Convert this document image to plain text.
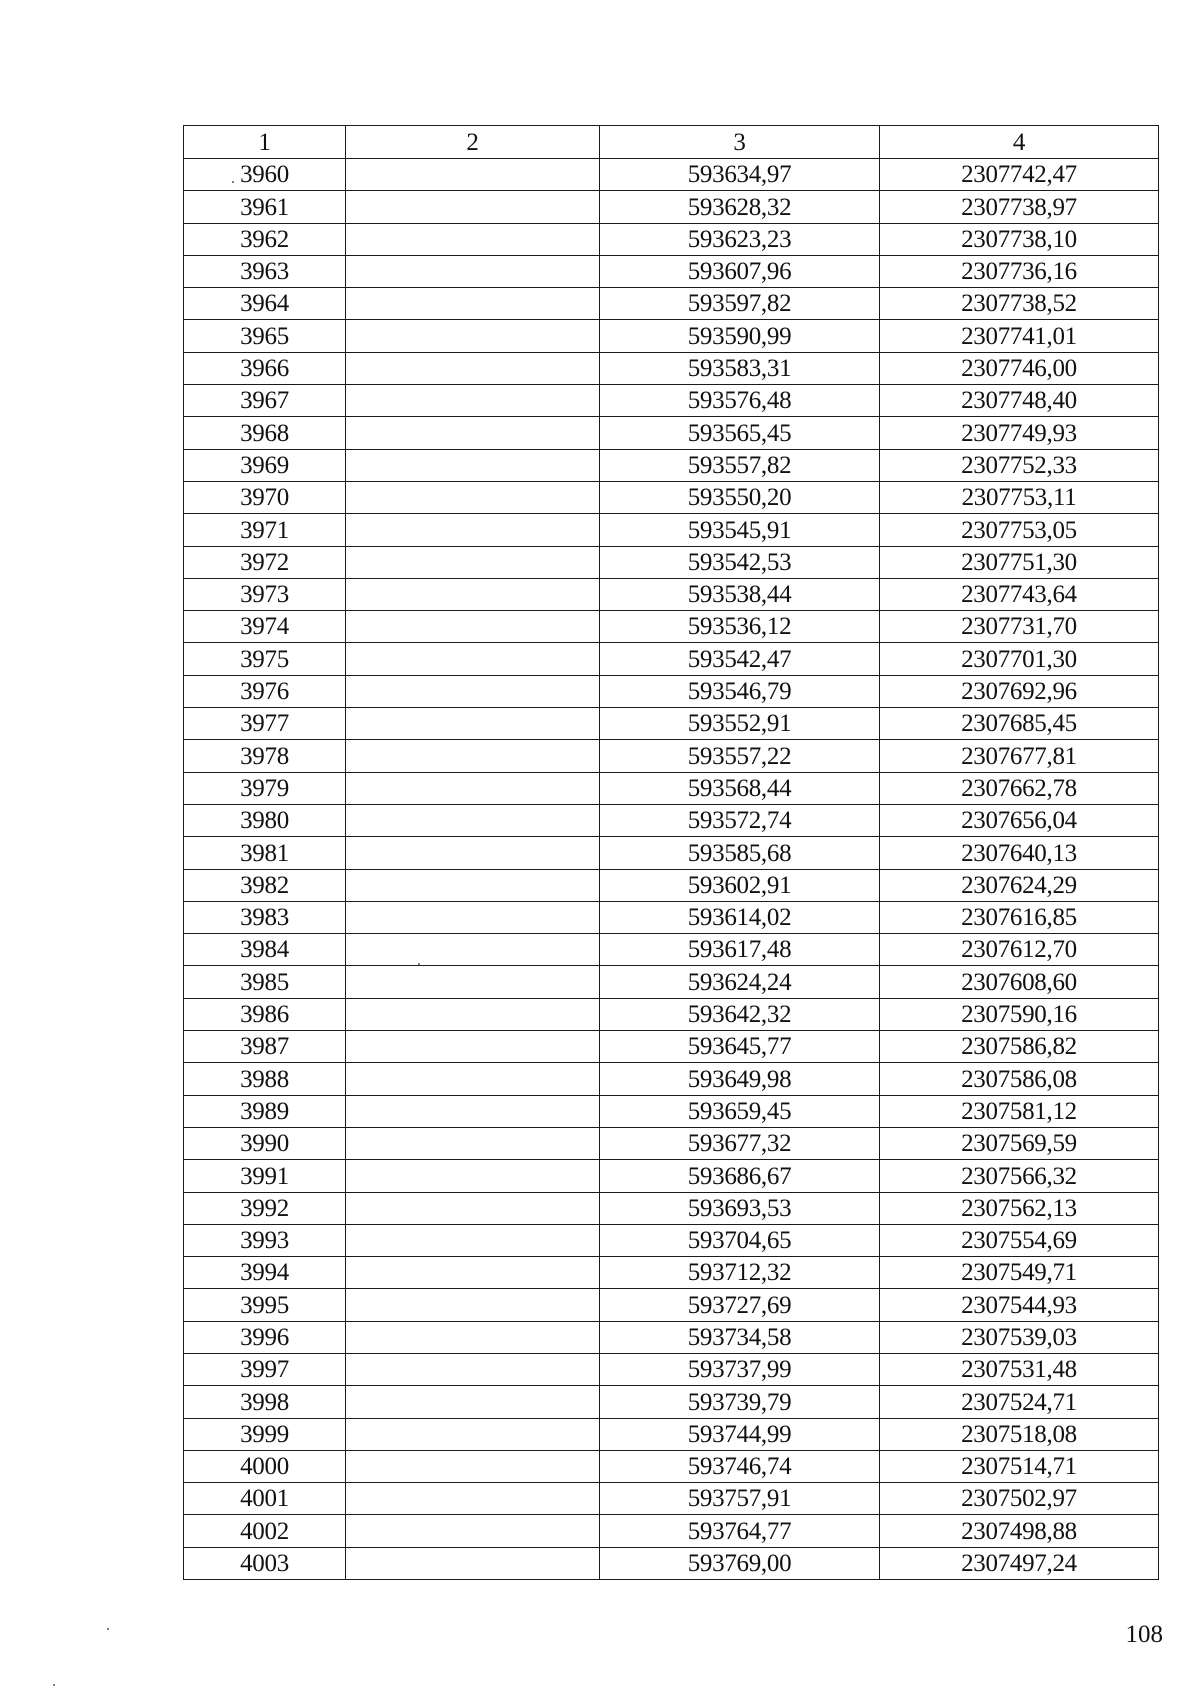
1	2	3	4
3960		593634,97	2307742,47
3961		593628,32	2307738,97
3962		593623,23	2307738,10
3963		593607,96	2307736,16
3964		593597,82	2307738,52
3965		593590,99	2307741,01
3966		593583,31	2307746,00
3967		593576,48	2307748,40
3968		593565,45	2307749,93
3969		593557,82	2307752,33
3970		593550,20	2307753,11
3971		593545,91	2307753,05
3972		593542,53	2307751,30
3973		593538,44	2307743,64
3974		593536,12	2307731,70
3975		593542,47	2307701,30
3976		593546,79	2307692,96
3977		593552,91	2307685,45
3978		593557,22	2307677,81
3979		593568,44	2307662,78
3980		593572,74	2307656,04
3981		593585,68	2307640,13
3982		593602,91	2307624,29
3983		593614,02	2307616,85
3984		593617,48	2307612,70
3985		593624,24	2307608,60
3986		593642,32	2307590,16
3987		593645,77	2307586,82
3988		593649,98	2307586,08
3989		593659,45	2307581,12
3990		593677,32	2307569,59
3991		593686,67	2307566,32
3992		593693,53	2307562,13
3993		593704,65	2307554,69
3994		593712,32	2307549,71
3995		593727,69	2307544,93
3996		593734,58	2307539,03
3997		593737,99	2307531,48
3998		593739,79	2307524,71
3999		593744,99	2307518,08
4000		593746,74	2307514,71
4001		593757,91	2307502,97
4002		593764,77	2307498,88
4003		593769,00	2307497,24
108
